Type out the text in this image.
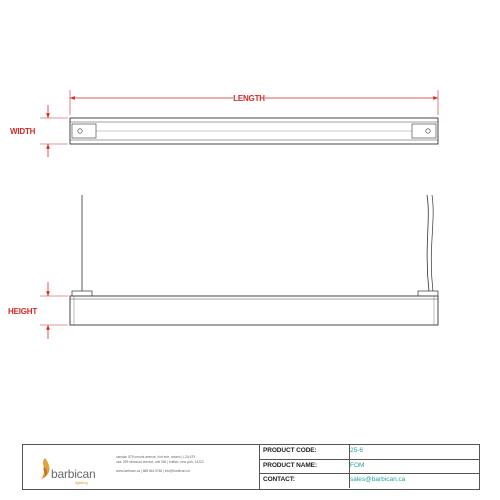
LENGTH
WIDTH
HEIGHT
barbican
lighting
canada: 879 ormont avenue | fort erie, ontario | L2A 6T9
usa: 299 elmwood avenue, unit 346 | buffalo, new york, 14222
www.barbican.ca | 888 664 5765 | info@barbican.ca
PRODUCT CODE:	25-6
PRODUCT NAME:	FOM
CONTACT:	sales@barbican.ca
